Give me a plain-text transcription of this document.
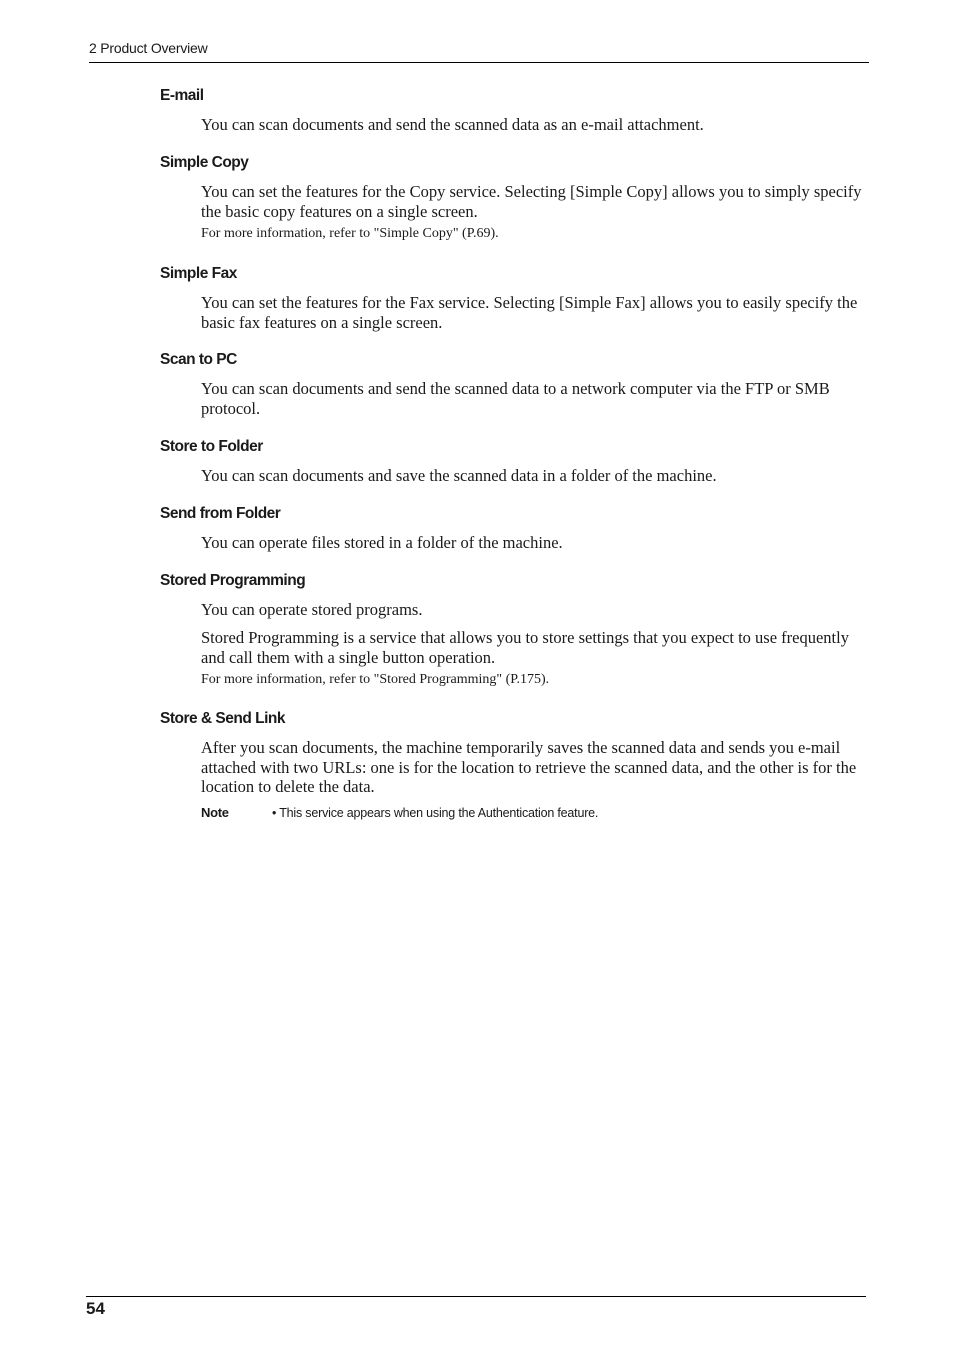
2 Product Overview
E-mail
You can scan documents and send the scanned data as an e-mail attachment.
Simple Copy
You can set the features for the Copy service. Selecting [Simple Copy] allows you to simply specify the basic copy features on a single screen.
For more information, refer to "Simple Copy" (P.69).
Simple Fax
You can set the features for the Fax service. Selecting [Simple Fax] allows you to easily specify the basic fax features on a single screen.
Scan to PC
You can scan documents and send the scanned data to a network computer via the FTP or SMB protocol.
Store to Folder
You can scan documents and save the scanned data in a folder of the machine.
Send from Folder
You can operate files stored in a folder of the machine.
Stored Programming
You can operate stored programs.
Stored Programming is a service that allows you to store settings that you expect to use frequently and call them with a single button operation.
For more information, refer to "Stored Programming" (P.175).
Store & Send Link
After you scan documents, the machine temporarily saves the scanned data and sends you e-mail attached with two URLs: one is for the location to retrieve the scanned data, and the other is for the location to delete the data.
Note	• This service appears when using the Authentication feature.
54
